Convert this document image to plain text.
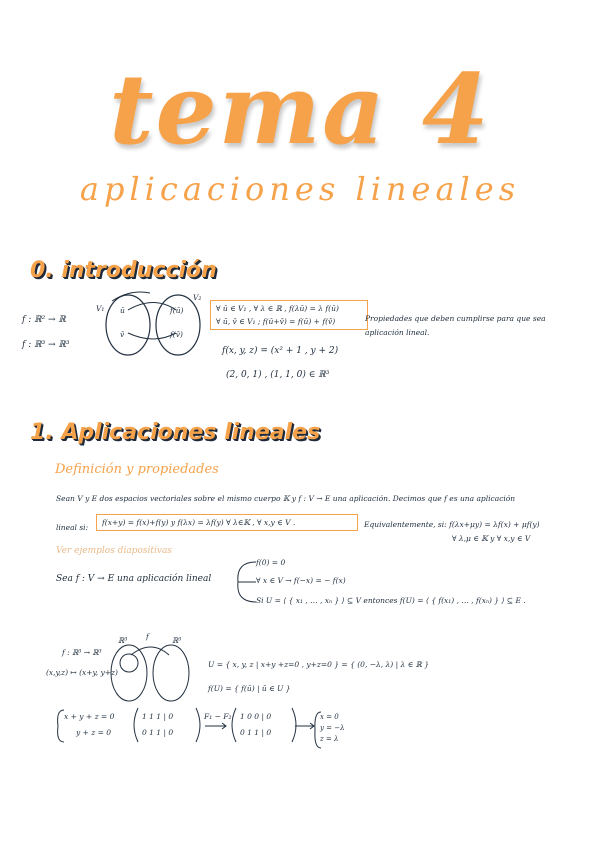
tema 4
aplicaciones lineales
0. introducción
f : ℝ² → ℝ
f : ℝ³ → ℝ³
V₁
V₂
ū
v̄
f(ū)
f(v̄)
∀ ū ∈ V₁ , ∀ λ ∈ ℝ , f(λū) = λ f(ū)
∀ ū, v̄ ∈ V₁ ; f(ū+v̄) = f(ū) + f(v̄)	Propiedades que deben cumplirse para que sea aplicación lineal.
f(x, y, z) = (x² + 1 , y + 2)
(2, 0, 1) , (1, 1, 0) ∈ ℝ³
1. Aplicaciones lineales
Definición y propiedades
Sean V y E dos espacios vectoriales sobre el mismo cuerpo 𝕂 y f : V → E una aplicación. Decimos que f es una aplicación
lineal si:
f(x+y) = f(x)+f(y) y f(λx) = λf(y) ∀ λ∈𝕂 , ∀ x,y ∈ V .	Equivalentemente, si: f(λx+μy) = λf(x) + μf(y)
∀ λ,μ ∈ 𝕂 y ∀ x,y ∈ V
Ver ejemplos diapositivas
Sea f : V → E una aplicación lineal
f(0) = 0
∀ x ∈ V → f(−x) = − f(x)
Si U = ⟨ { x₁ , … , xₙ } ⟩ ⊆ V entonces f(U) = ⟨ { f(x₁) , … , f(xₙ) } ⟩ ⊆ E .
f : ℝ³ → ℝ³
(x,y,z) ↦ (x+y, y+z)
ℝ³	ℝ³
f
U = { x, y, z | x+y +z=0 , y+z=0 } = { (0, −λ, λ) | λ ∈ ℝ }
f(U) = { f(ū) | ū ∈ U }
x + y + z = 0
y + z = 0
1 1 1 | 0
0 1 1 | 0
F₁ − F₂ 1 0 0 | 0
0 1 1 | 0
x = 0
y = −λ
z = λ
